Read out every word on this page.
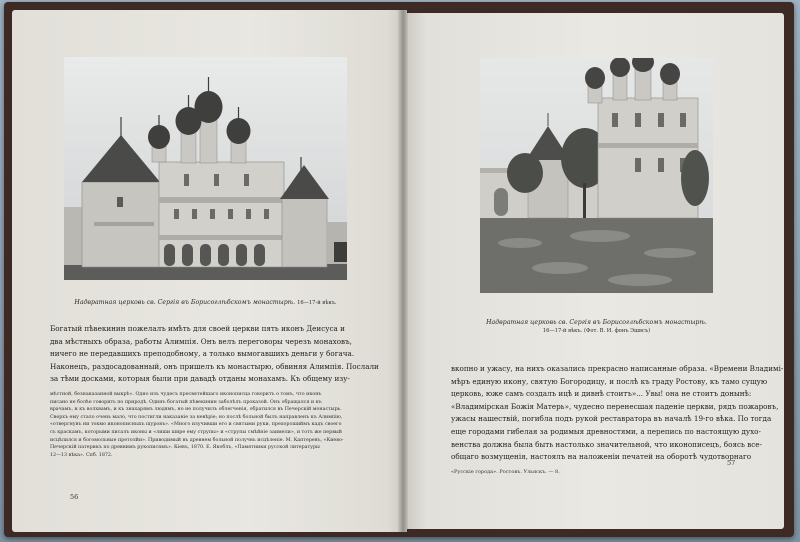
Надвратная церковь св. Сергія въ Борисоглѣбскомъ монастырѣ. 16—17-й вѣкъ.
Богатый пѣвекинин пожелалъ имѣть для своей церкви пять иконъ Деисуса и
два мѣстныхъ образа, работы Алимпія. Онъ велъ переговоры черезъ монаховъ,
ничего не передавшихъ преподобному, а только вымогавшихъ деньги у богача.
Наконецъ, раздосадованный, онъ пришелъ къ монастырю, обвиняя Алимпія. Послали
за тѣми досками, которыя были при давадѣ отданы монахамъ. Къ общему изу-
мѣстной, безнаказанной выкрѣ». Одно изъ чудесъ пресвятейшаго иконописца говоритъ о томъ, что иконъ
писано не болѣе говорить по природѣ. Одинъ богатый пѣвекинин заболѣлъ проказой. Онъ обращался и къ
врачамъ, и къ волхвамъ, и къ знахарямъ людямъ, но не получилъ облегченія, обратился въ Печерскій монастырь.
Сверхъ ему стало очень мало, что постигли наказаніе за невѣріе; но послѣ больной былъ направленъ къ Алимпію,
«отвергнувъ ни токмо иконописныхъ шуровъ». «Много изучивши его и святыми руки, прехорошиймъ кадъ своего
съ краскамъ, которыми писалъ иконы и «лиши шире ему струпы» и «струпы смѣйніе заимели», и тотъ же первый
исцѣлился и богомольные претолйи». Приводимый въ древнем больной получвъ исцѣленіе. М. Каптеревъ, «Киево-
Печерскій патерикъ по древнимъ рукописямъ». Кіевъ, 1870. Е. Якоблъ, «Памятники русской литературы
12—13 вѣка». Спб. 1872.
56
Надвратная церковь св. Сергія въ Борисоглѣбскомъ монастырѣ.
16—17-й вѣкъ. (Фот. В. И. фонъ Эшвсъ)
вкопно и ужасу, на нихъ оказались прекрасно написанные образа. «Времени Владимі-
мѣръ единую икону, святую Богородицу, и послѣ къ граду Ростову, къ тамо сущую
церковь, юже самъ создалъ ицѣ и дивнѣ стоитъ»... Увы! она не стоитъ донынѣ:
«Владимірская Божія Матерь», чудесно перенесшая паденіе церкви, рядъ пожаровъ,
ужасы нашествій, погибла подъ рукой реставратора въ началѣ 19-го вѣка. По тогда
еще городами гибелая за родимыя древностями, а перепись по настоящую духо-
венства должна была быть настолько значительной, что иконописецъ, боясь все-
общаго возмущенія, настоялъ на наложеніи печатей на оборотѣ чудотворнаго
«Русскіе города». Ростовъ. Ульяскъ. — 8.
57
